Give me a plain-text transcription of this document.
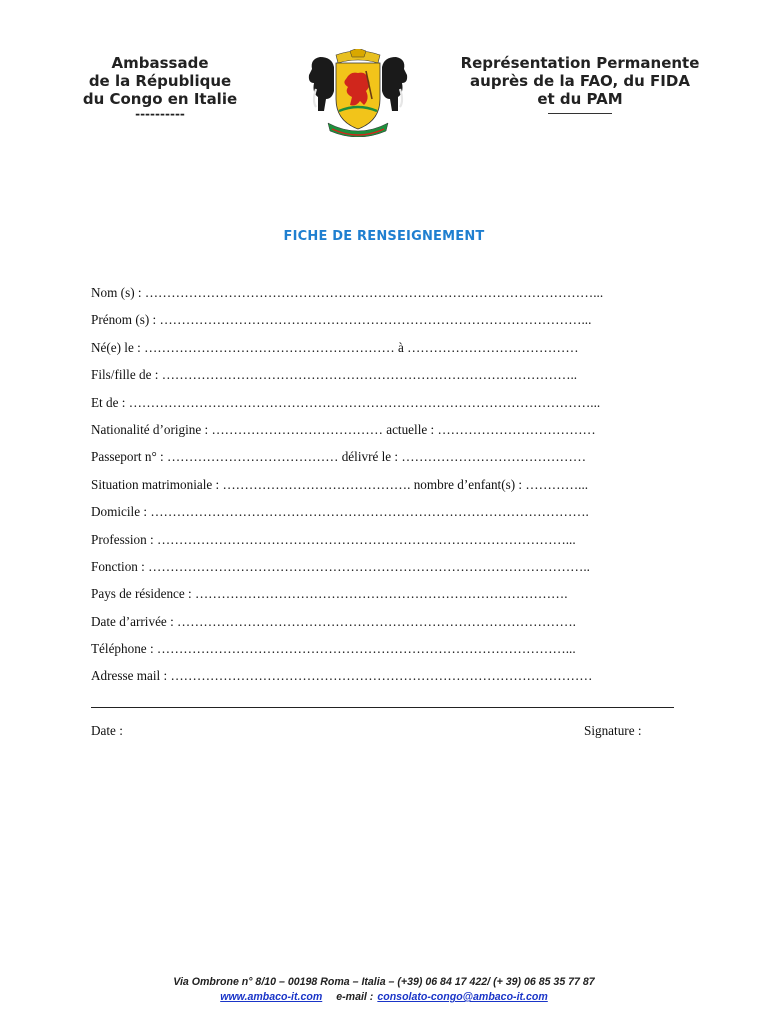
Ambassade
de la République
du Congo en Italie
----------
Représentation Permanente
auprès de la FAO, du FIDA
et du PAM
FICHE DE RENSEIGNEMENT
Nom (s) : …………………………………………………………………………………………...
Prénom (s) : ……………………………………………………………………………………...
Né(e) le : ………………………………………………… à …………………………………
Fils/fille de : …………………………………………………………………………………..
Et de : ……………………………………………………………………………………………...
Nationalité d’origine : ………………………………… actuelle : ………………………………
Passeport n° : ………………………………… délivré le : ……………………………………
Situation matrimoniale : ……………………………………. nombre d’enfant(s) : …………...
Domicile : ……………………………………………………………………………………….
Profession : …………………………………………………………………………………...
Fonction : ………………………………………………………………………………………..
Pays de résidence : ………………………………………………………………………….
Date d’arrivée : ……………………………………………………………………………….
Téléphone : …………………………………………………………………………………...
Adresse mail : ……………………………………………………………………………………
Date :	Signature :
Via Ombrone n° 8/10 – 00198 Roma – Italia – (+39) 06 84 17 422/ (+ 39) 06 85 35 77 87
www.ambaco-it.com e-mail : consolato-congo@ambaco-it.com
